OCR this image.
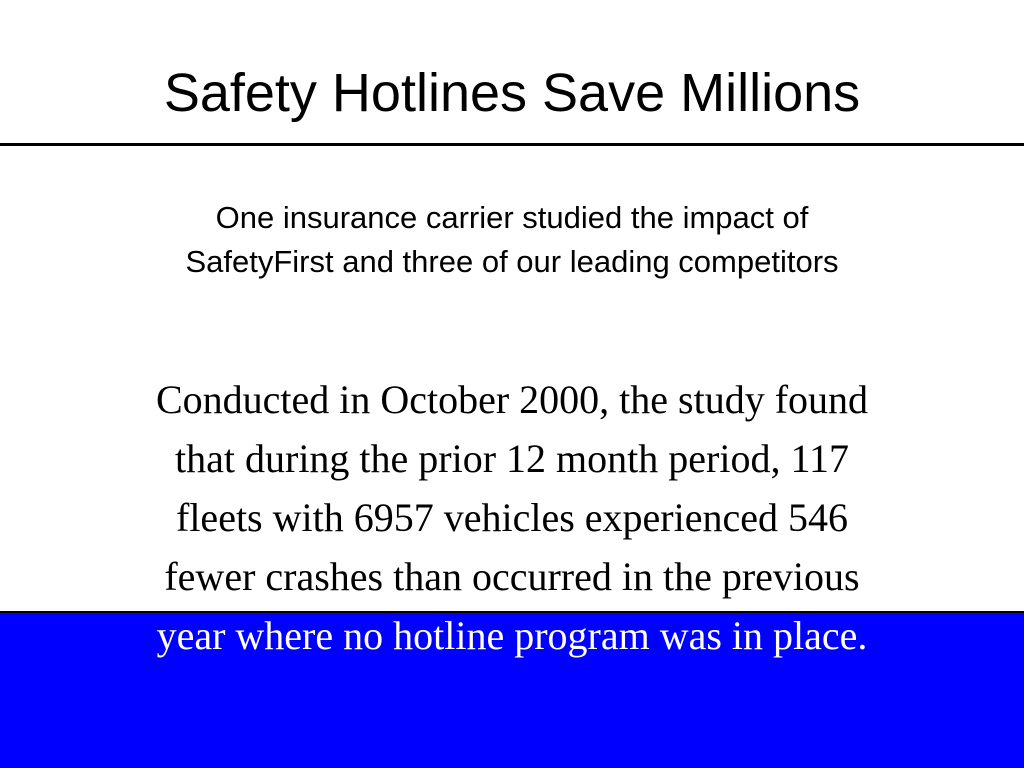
Safety Hotlines Save Millions

One insurance carrier studied the impact of
SafetyFirst and three of our leading competitors

Conducted in October 2000, the study found
that during the prior 12 month period, 117
fleets with 6957 vehicles experienced 546
fewer crashes than occurred in the previous
year where no hotline program was in place.
